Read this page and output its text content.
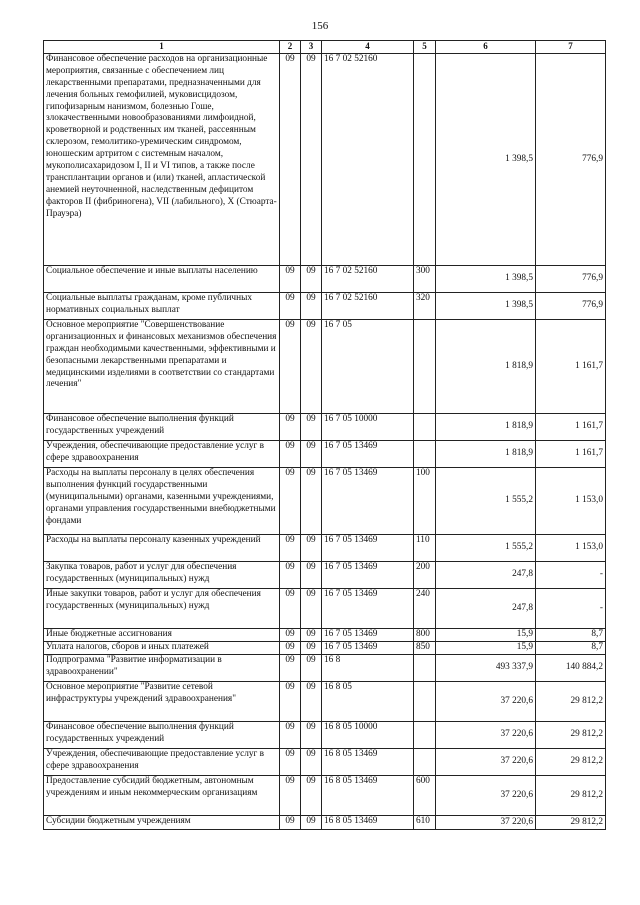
156
1	2	3	4	5	6	7
Финансовое обеспечение расходов на организационные мероприятия, связанные с обеспечением лиц лекарственными препаратами, предназначенными для лечения больных гемофилией, муковисцидозом, гипофизарным нанизмом, болезнью Гоше, злокачественными новообразованиями лимфоидной, кроветворной и родственных им тканей, рассеянным склерозом, гемолитико-уремическим синдромом, юношеским артритом с системным началом, мукополисахаридозом I, II и VI типов, а также после трансплантации органов и (или) тканей, апластической анемией неуточненной, наследственным дефицитом факторов II (фибриногена), VII (лабильного), X (Стюарта-Прауэра)	09	09	16 7 02 52160		1 398,5	776,9
Социальное обеспечение и иные выплаты населению	09	09	16 7 02 52160	300	1 398,5	776,9
Социальные выплаты гражданам, кроме публичных нормативных социальных выплат	09	09	16 7 02 52160	320	1 398,5	776,9
Основное мероприятие "Совершенствование организационных и финансовых механизмов обеспечения граждан необходимыми качественными, эффективными и безопасными лекарственными препаратами и медицинскими изделиями в соответствии со стандартами лечения"	09	09	16 7 05		1 818,9	1 161,7
Финансовое обеспечение выполнения функций государственных учреждений	09	09	16 7 05 10000		1 818,9	1 161,7
Учреждения, обеспечивающие предоставление услуг в сфере здравоохранения	09	09	16 7 05 13469		1 818,9	1 161,7
Расходы на выплаты персоналу в целях обеспечения выполнения функций государственными (муниципальными) органами, казенными учреждениями, органами управления государственными внебюджетными фондами	09	09	16 7 05 13469	100	1 555,2	1 153,0
Расходы на выплаты персоналу казенных учреждений	09	09	16 7 05 13469	110	1 555,2	1 153,0
Закупка товаров, работ и услуг для обеспечения государственных (муниципальных) нужд	09	09	16 7 05 13469	200	247,8	-
Иные закупки товаров, работ и услуг для обеспечения государственных (муниципальных) нужд	09	09	16 7 05 13469	240	247,8	-
Иные бюджетные ассигнования	09	09	16 7 05 13469	800	15,9	8,7
Уплата налогов, сборов и иных платежей	09	09	16 7 05 13469	850	15,9	8,7
Подпрограмма "Развитие информатизации в здравоохранении"	09	09	16 8		493 337,9	140 884,2
Основное мероприятие "Развитие сетевой инфраструктуры учреждений здравоохранения"	09	09	16 8 05		37 220,6	29 812,2
Финансовое обеспечение выполнения функций государственных учреждений	09	09	16 8 05 10000		37 220,6	29 812,2
Учреждения, обеспечивающие предоставление услуг в сфере здравоохранения	09	09	16 8 05 13469		37 220,6	29 812,2
Предоставление субсидий бюджетным, автономным учреждениям и иным некоммерческим организациям	09	09	16 8 05 13469	600	37 220,6	29 812,2
Субсидии бюджетным учреждениям	09	09	16 8 05 13469	610	37 220,6	29 812,2
